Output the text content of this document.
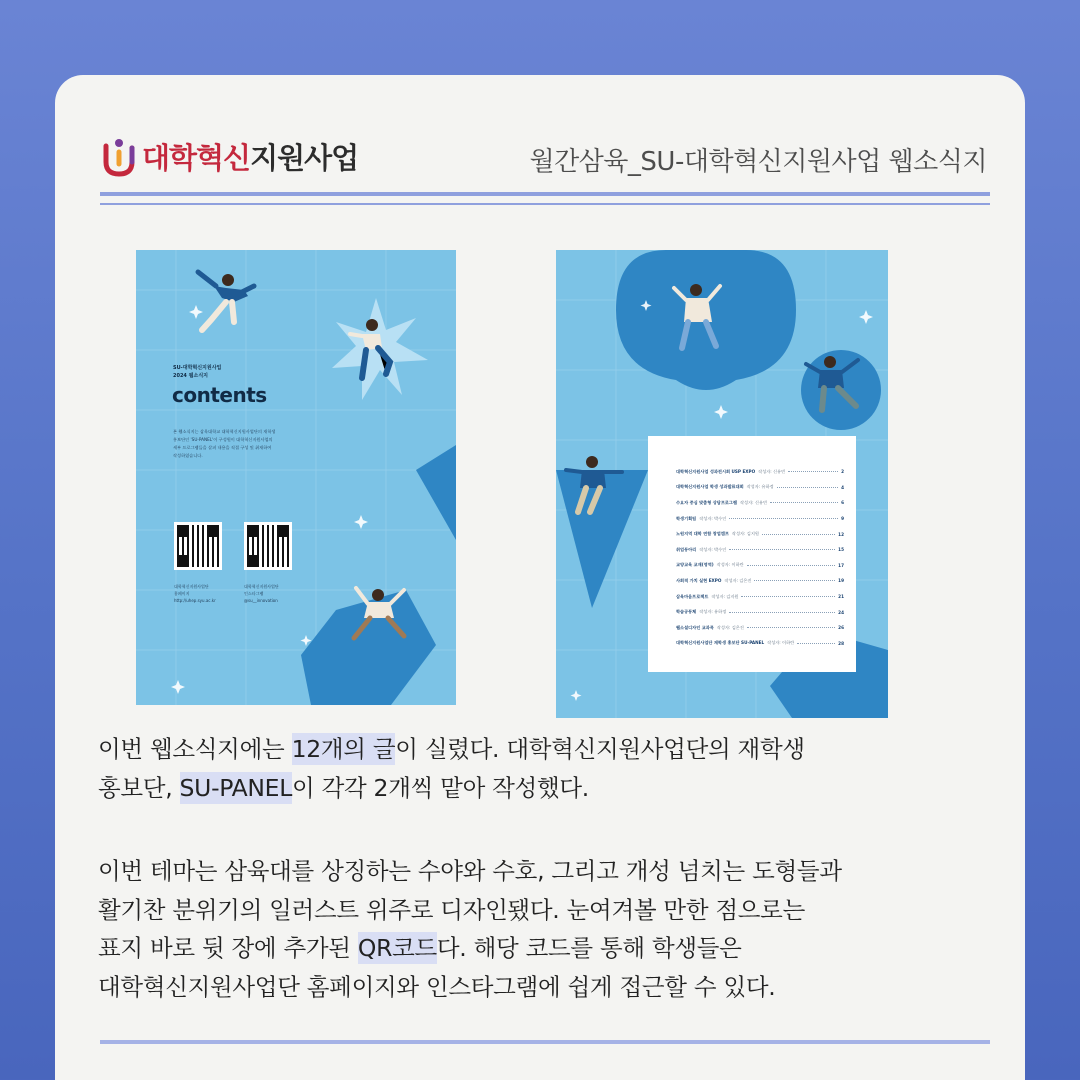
대학혁신지원사업	월간삼육_SU-대학혁신지원사업 웹소식지
SU-대학혁신지원사업
2024 웹소식지
contents
본 웹소식지는 삼육대학교 대학혁신지원사업단의 재학생
홍보단인 'SU-PANEL'이 구성원이 대학혁신지원사업의
세부 프로그램들을 살펴 내용을 직접 구성 및 취재하여
작성하였습니다.
대학혁신지원사업단
홈페이지
http://uhep.syu.ac.kr
대학혁신지원사업단
인스타그램
@su__innovation
대학혁신지원사업 성과전시회 USP EXPO 작성자: 신유빈	2
대학혁신지원사업 학생 성과발표대회 작성자: 유하정	4
수요자 중심 맞춤형 상담프로그램 작성자: 신유빈	6
학생기획팀 작성자: 박수인	9
노원지역 대학 연합 창업캠프 작성자: 김지원	12
취업동아리 작성자: 박수인	15
교양교육 교재(영역) 작성자: 이하란	17
사회적 가치 실현 EXPO 작성자: 김은진	19
삼육마음프로젝트 작성자: 김지원	21
학습공동체 작성자: 유하정	24
웹소설디자인 교과목 작성자: 김은진	26
대학혁신지원사업단 재학생 홍보단 SU-PANEL 작성자: 이하란	28

이번 웹소식지에는 12개의 글이 실렸다. 대학혁신지원사업단의 재학생

홍보단, SU-PANEL이 각각 2개씩 맡아 작성했다.

이번 테마는 삼육대를 상징하는 수야와 수호, 그리고 개성 넘치는 도형들과

활기찬 분위기의 일러스트 위주로 디자인됐다. 눈여겨볼 만한 점으로는

표지 바로 뒷 장에 추가된 QR코드다. 해당 코드를 통해 학생들은

대학혁신지원사업단 홈페이지와 인스타그램에 쉽게 접근할 수 있다.
